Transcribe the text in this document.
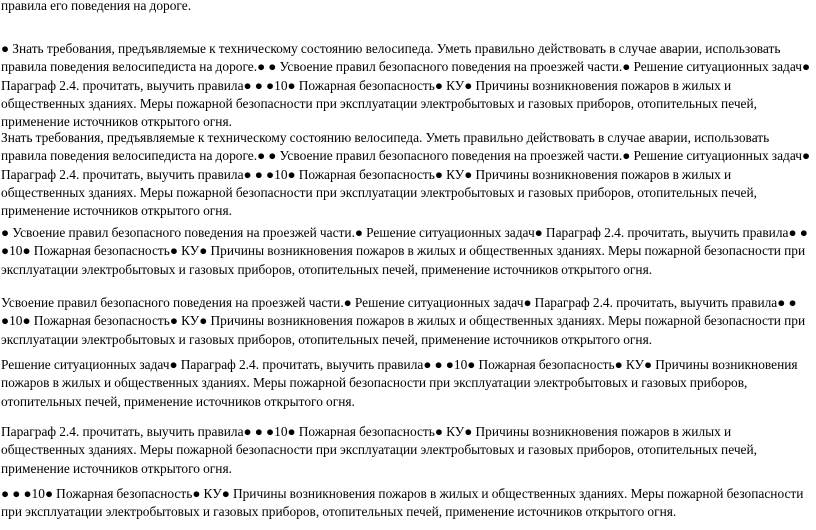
правила его поведения на дороге.

● Знать требования, предъявляемые к техническому состоянию велосипеда. Уметь правильно действовать в случае аварии, использовать правила поведения велосипедиста на дороге.● ● Усвоение правил безопасного поведения на проезжей части.● Решение ситуационных задач● Параграф 2.4. прочитать, выучить правила● ● ●10● Пожарная безопасность● КУ● Причины возникновения пожаров в жилых и общественных зданиях. Меры пожарной безопасности при эксплуатации электробытовых и газовых приборов, отопительных печей, применение источников открытого огня.

Знать требования, предъявляемые к техническому состоянию велосипеда. Уметь правильно действовать в случае аварии, использовать правила поведения велосипедиста на дороге.● ● Усвоение правил безопасного поведения на проезжей части.● Решение ситуационных задач● Параграф 2.4. прочитать, выучить правила● ● ●10● Пожарная безопасность● КУ● Причины возникновения пожаров в жилых и общественных зданиях. Меры пожарной безопасности при эксплуатации электробытовых и газовых приборов, отопительных печей, применение источников открытого огня.

● Усвоение правил безопасного поведения на проезжей части.● Решение ситуационных задач● Параграф 2.4. прочитать, выучить правила● ● ●10● Пожарная безопасность● КУ● Причины возникновения пожаров в жилых и общественных зданиях. Меры пожарной безопасности при эксплуатации электробытовых и газовых приборов, отопительных печей, применение источников открытого огня.

Усвоение правил безопасного поведения на проезжей части.● Решение ситуационных задач● Параграф 2.4. прочитать, выучить правила● ● ●10● Пожарная безопасность● КУ● Причины возникновения пожаров в жилых и общественных зданиях. Меры пожарной безопасности при эксплуатации электробытовых и газовых приборов, отопительных печей, применение источников открытого огня.

Решение ситуационных задач● Параграф 2.4. прочитать, выучить правила● ● ●10● Пожарная безопасность● КУ● Причины возникновения пожаров в жилых и общественных зданиях. Меры пожарной безопасности при эксплуатации электробытовых и газовых приборов, отопительных печей, применение источников открытого огня.

Параграф 2.4. прочитать, выучить правила● ● ●10● Пожарная безопасность● КУ● Причины возникновения пожаров в жилых и общественных зданиях. Меры пожарной безопасности при эксплуатации электробытовых и газовых приборов, отопительных печей, применение источников открытого огня.

● ● ●10● Пожарная безопасность● КУ● Причины возникновения пожаров в жилых и общественных зданиях. Меры пожарной безопасности при эксплуатации электробытовых и газовых приборов, отопительных печей, применение источников открытого огня.
